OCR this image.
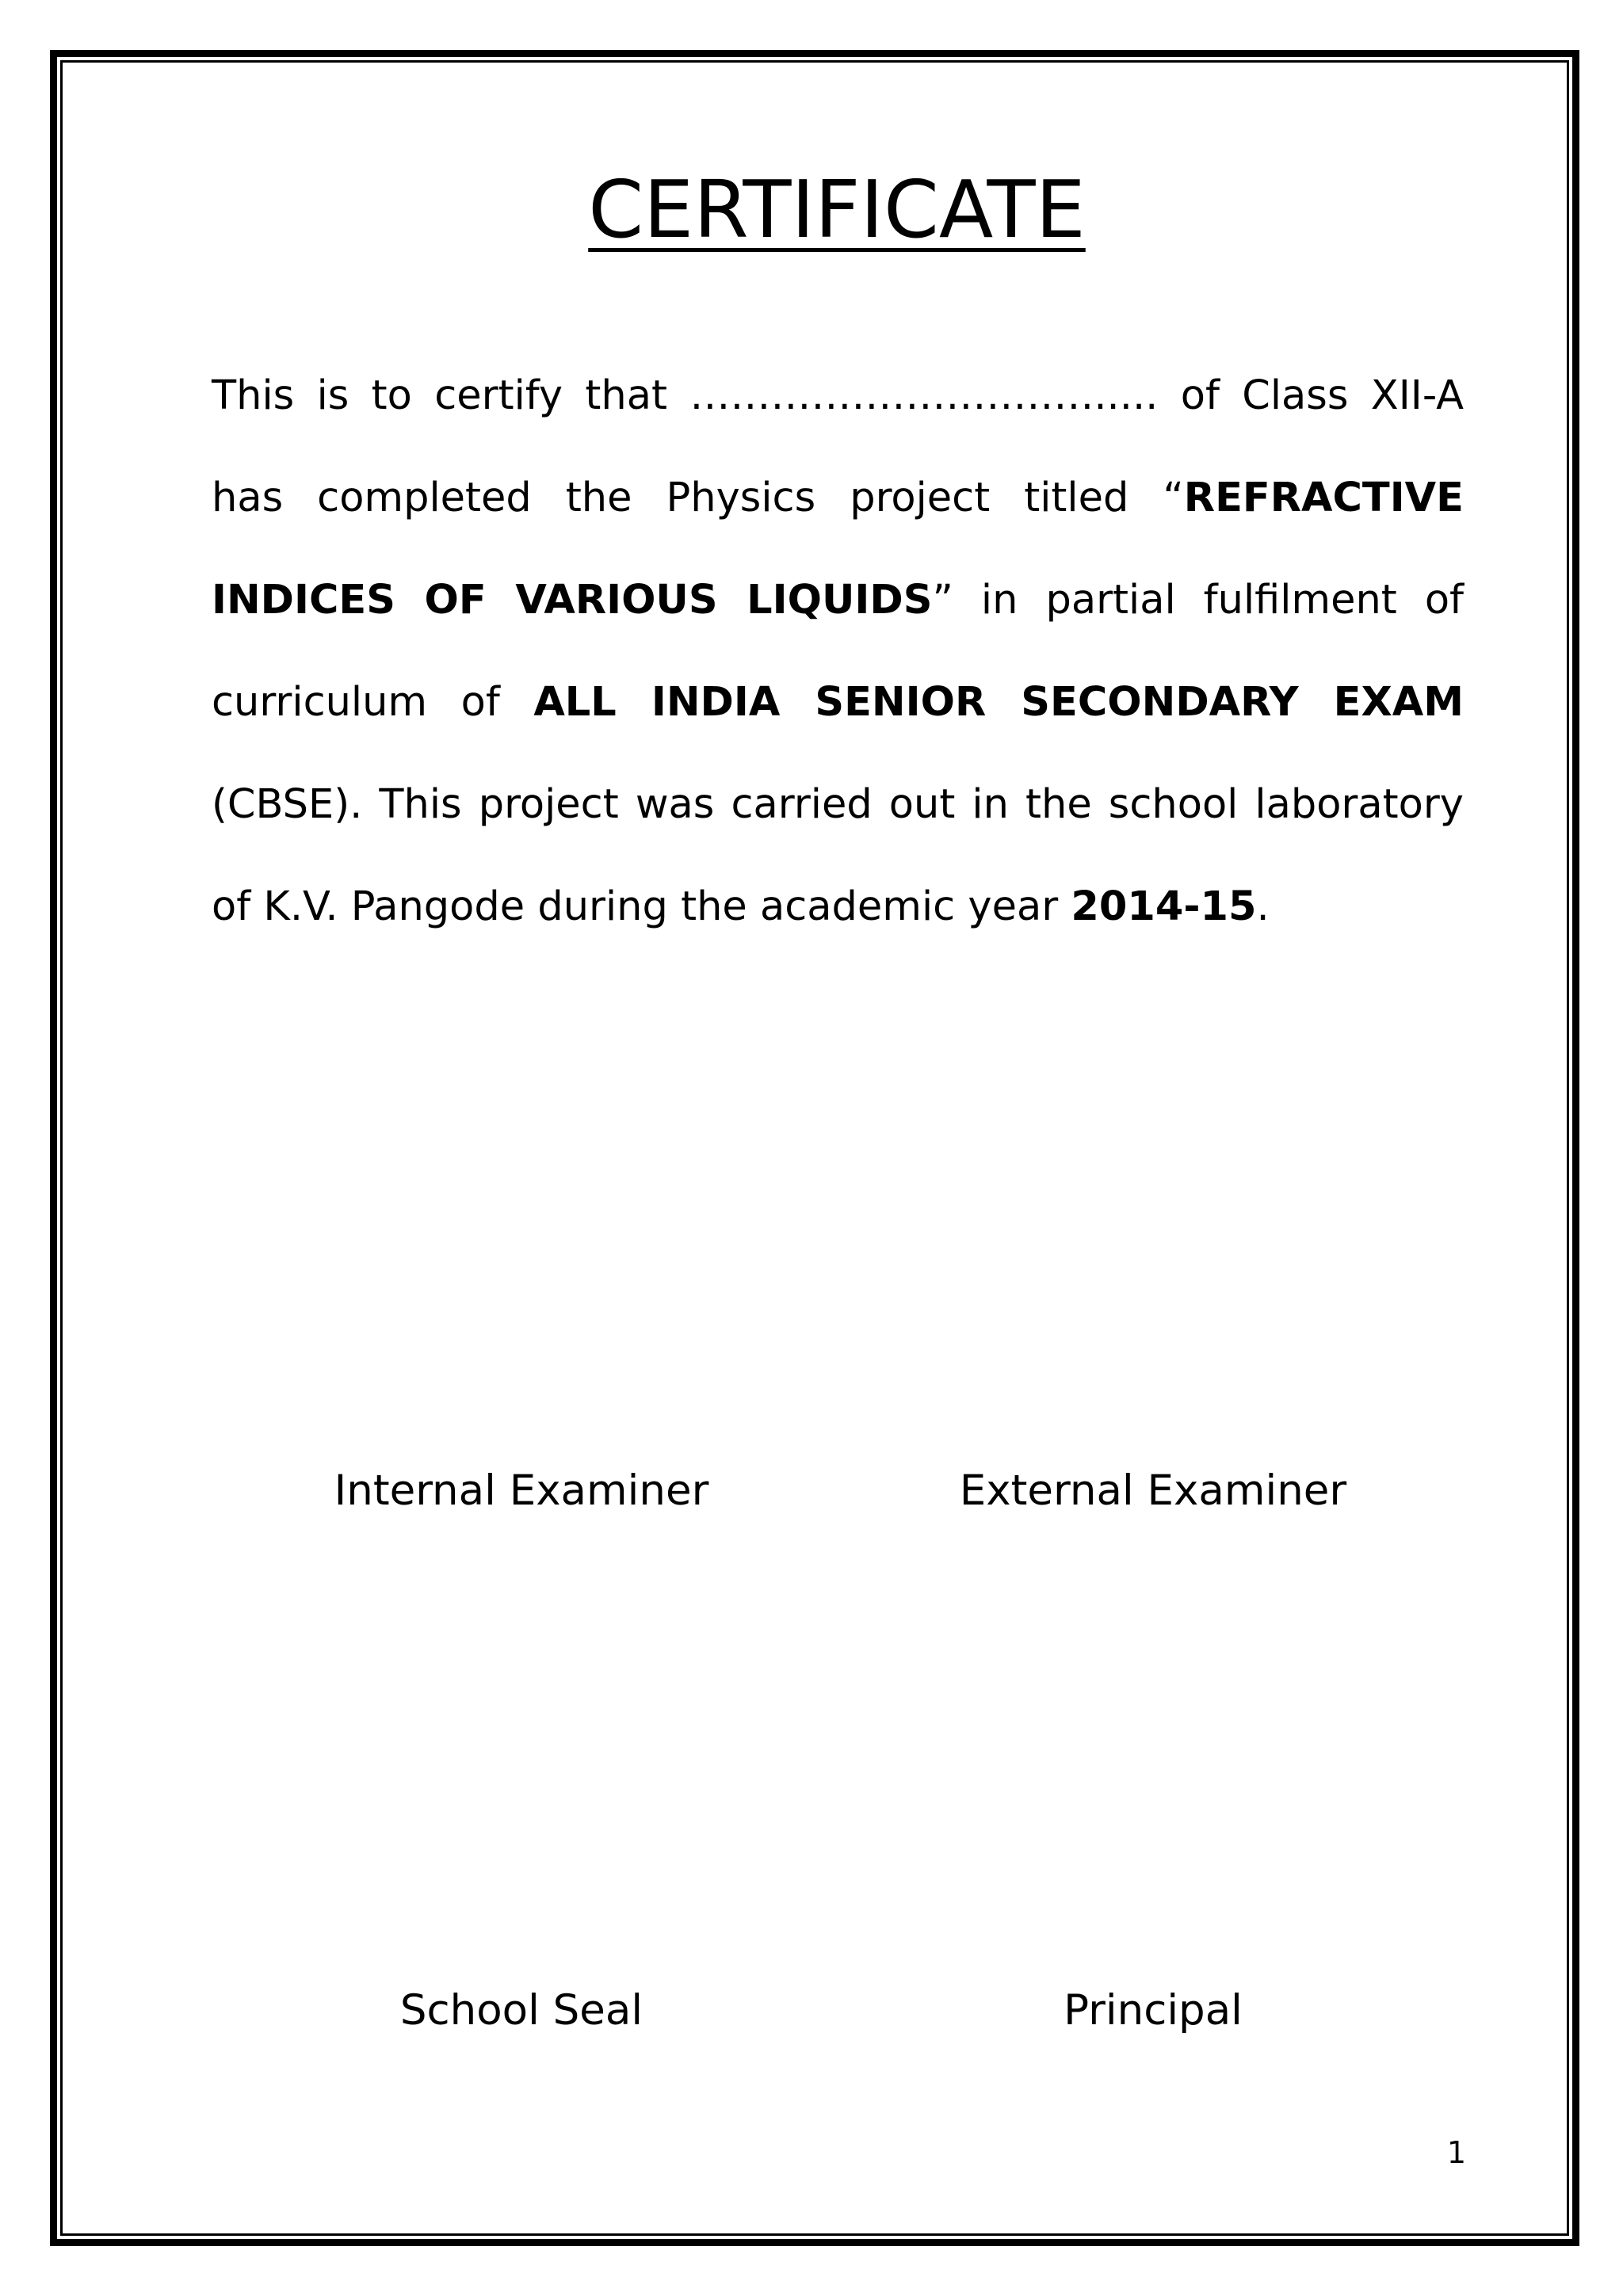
CERTIFICATE

This is to certify that …………………………..... of Class XII-A has completed the Physics project titled “REFRACTIVE INDICES OF VARIOUS LIQUIDS” in partial fulfilment of curriculum of ALL INDIA SENIOR SECONDARY EXAM (CBSE). This project was carried out in the school laboratory of K.V. Pangode during the academic year 2014-15.

Internal Examiner	External Examiner
School Seal	Principal
1
